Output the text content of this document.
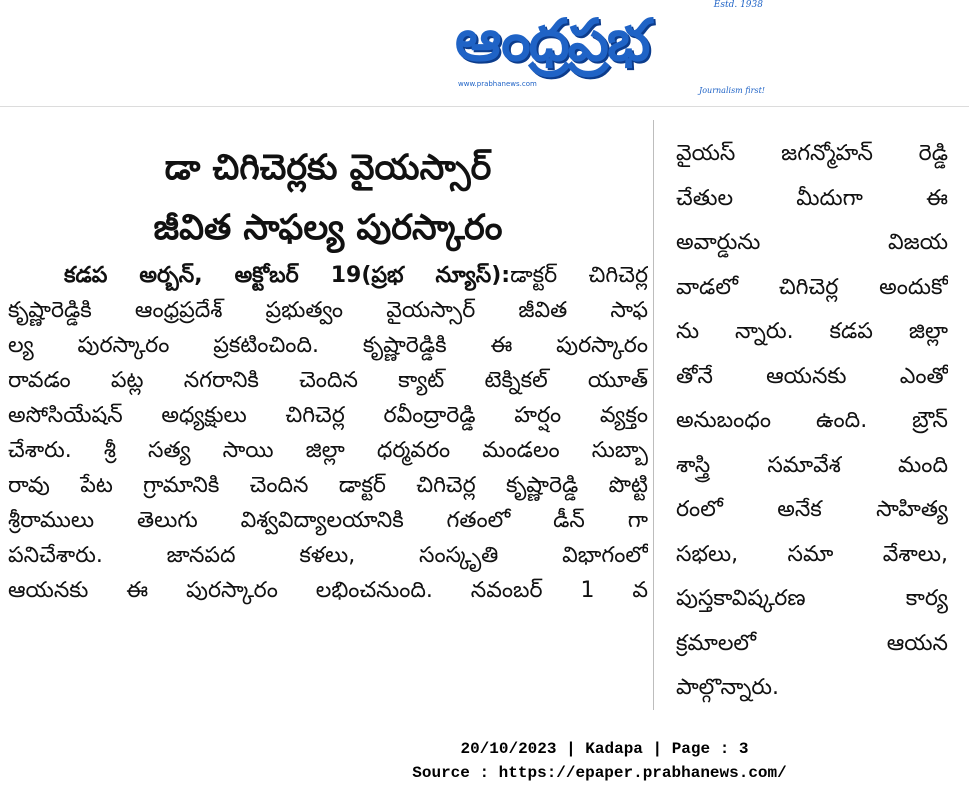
Estd. 1938
ఆంధ్రప్రభ
www.prabhanews.com
Journalism first!
డా చిగిచెర్లకు వైయస్సార్
జీవిత సాఫల్య పురస్కారం
కడప అర్బన్, అక్టోబర్ 19(ప్రభ న్యూస్):డాక్టర్ చిగిచెర్ల
కృష్ణారెడ్డికి ఆంధ్రప్రదేశ్ ప్రభుత్వం వైయస్సార్ జీవిత సాఫ
ల్య పురస్కారం ప్రకటించింది. కృష్ణారెడ్డికి ఈ పురస్కారం
రావడం పట్ల నగరానికి చెందిన క్యాట్ టెక్నికల్ యూత్
అసోసియేషన్ అధ్యక్షులు చిగిచెర్ల రవీంద్రారెడ్డి హర్షం వ్యక్తం
చేశారు. శ్రీ సత్య సాయి జిల్లా ధర్మవరం మండలం సుబ్బా
రావు పేట గ్రామానికి చెందిన డాక్టర్ చిగిచెర్ల కృష్ణారెడ్డి పొట్టి
శ్రీరాములు తెలుగు విశ్వవిద్యాలయానికి గతంలో డీన్ గా
పనిచేశారు. జానపద కళలు, సంస్కృతి విభాగంలో
ఆయనకు ఈ పురస్కారం లభించనుంది. నవంబర్ 1 వ
వైయస్ జగన్మోహన్ రెడ్డి
చేతుల మీదుగా ఈ
అవార్డును విజయ
వాడలో చిగిచెర్ల అందుకో
ను న్నారు. కడప జిల్లా
తోనే ఆయనకు ఎంతో
అనుబంధం ఉంది. బ్రౌన్
శాస్త్రి సమావేశ మంది
రంలో అనేక సాహిత్య
సభలు, సమా వేశాలు,
పుస్తకావిష్కరణ కార్య
క్రమాలలో ఆయన
పాల్గొన్నారు.
20/10/2023 | Kadapa | Page : 3
Source : https://epaper.prabhanews.com/
